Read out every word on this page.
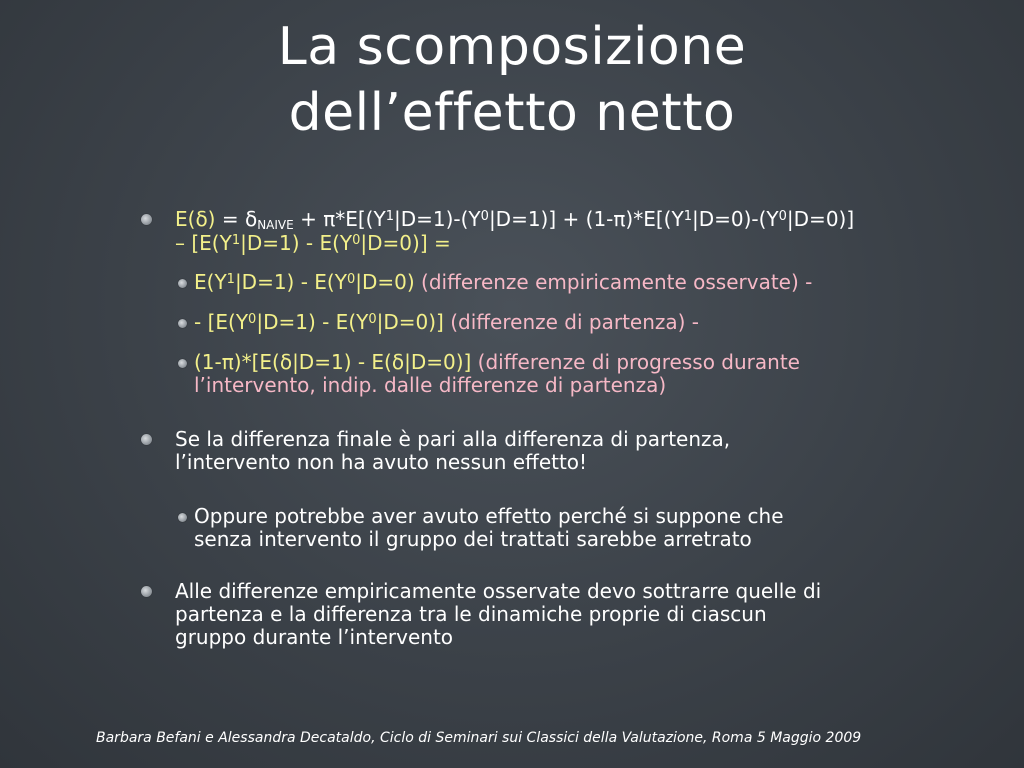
La scomposizione
dell’effetto netto
$E(\delta) = \delta_{NAIVE} + \pi*E[(Y^1|D=1)-(Y^0|D=1)] + (1-\pi)*E[(Y^1|D=0)-(Y^0|D=0)]$
– $[E(Y^1|D=1) - E(Y^0|D=0)]$ =
$E(Y^1|D=1) - E(Y^0|D=0)$ (differenze empiricamente osservate) -
- $[E(Y^0|D=1) - E(Y^0|D=0)]$ (differenze di partenza) -
(1-π)*[E(δ|D=1) - E(δ|D=0)] (differenze di progresso durante
l’intervento, indip. dalle differenze di partenza)
Se la differenza finale è pari alla differenza di partenza,
l’intervento non ha avuto nessun effetto!
Oppure potrebbe aver avuto effetto perché si suppone che
senza intervento il gruppo dei trattati sarebbe arretrato
Alle differenze empiricamente osservate devo sottrarre quelle di
partenza e la differenza tra le dinamiche proprie di ciascun
gruppo durante l’intervento
Barbara Befani e Alessandra Decataldo, Ciclo di Seminari sui Classici della Valutazione, Roma 5 Maggio 2009
